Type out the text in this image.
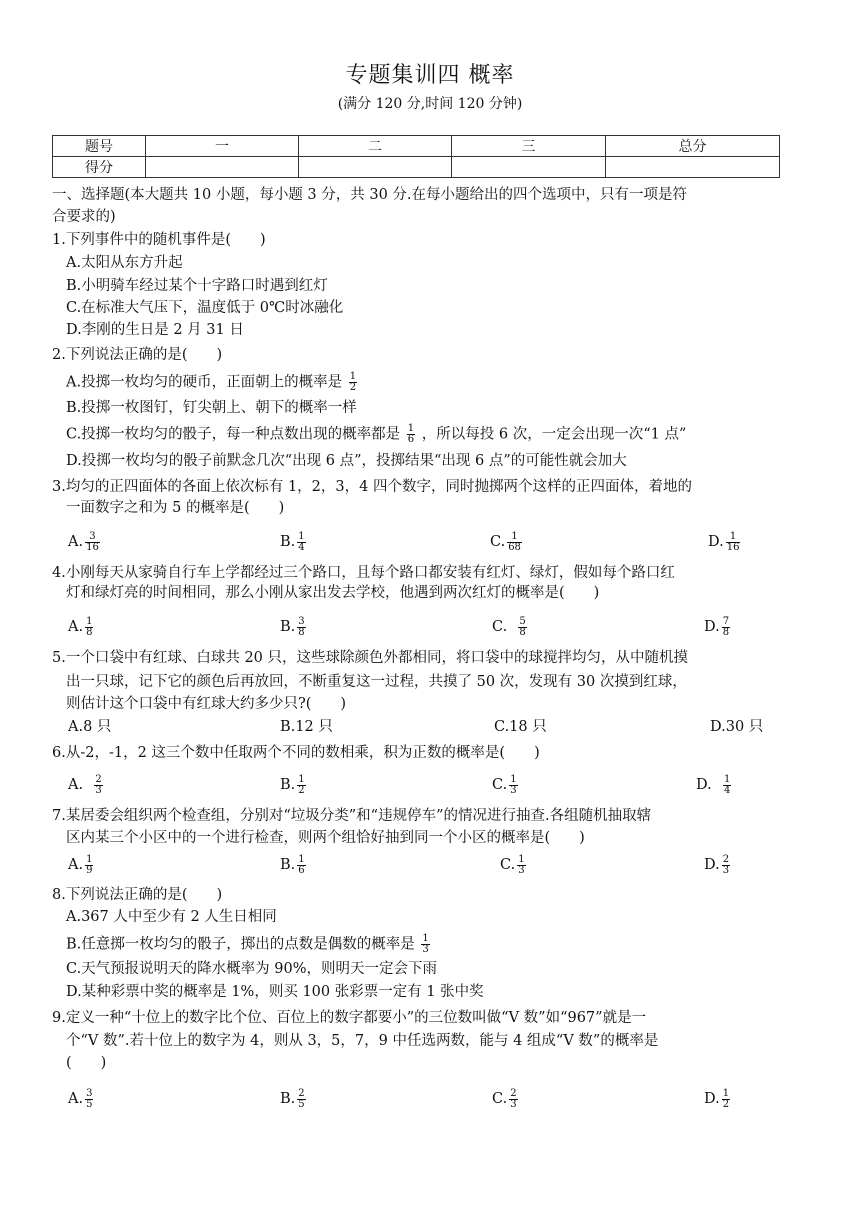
专题集训四 概率
(满分 120 分,时间 120 分钟)
题号	一	二	三	总分
得分				
一、选择题(本大题共 10 小题，每小题 3 分，共 30 分.在每小题给出的四个选项中，只有一项是符
合要求的)
1.下列事件中的随机事件是(　　)
A.太阳从东方升起
B.小明骑车经过某个十字路口时遇到红灯
C.在标准大气压下，温度低于 0℃时冰融化
D.李刚的生日是 2 月 31 日
2.下列说法正确的是(　　)
A.投掷一枚均匀的硬币，正面朝上的概率是 $\frac{1}{2}$
B.投掷一枚图钉，钉尖朝上、朝下的概率一样
C.投掷一枚均匀的骰子，每一种点数出现的概率都是 $\frac{1}{6}$ ，所以每投 6 次，一定会出现一次“1 点”
D.投掷一枚均匀的骰子前默念几次“出现 6 点”，投掷结果“出现 6 点”的可能性就会加大
3.均匀的正四面体的各面上依次标有 1，2，3，4 四个数字，同时抛掷两个这样的正四面体，着地的
一面数字之和为 5 的概率是(　　)
A. $\frac{3}{16}$	B. $\frac{1}{4}$	C. $\frac{1}{68}$	D. $\frac{1}{16}$
4.小刚每天从家骑自行车上学都经过三个路口，且每个路口都安装有红灯、绿灯，假如每个路口红
灯和绿灯亮的时间相同，那么小刚从家出发去学校，他遇到两次红灯的概率是(　　)
A. $\frac{1}{8}$	B. $\frac{3}{8}$	C. $\frac{5}{8}$	D. $\frac{7}{8}$
5.一个口袋中有红球、白球共 20 只，这些球除颜色外都相同，将口袋中的球搅拌均匀，从中随机摸
出一只球，记下它的颜色后再放回，不断重复这一过程，共摸了 50 次，发现有 30 次摸到红球，
则估计这个口袋中有红球大约多少只?(　　)
A.8 只	B.12 只	C.18 只	D.30 只
6.从-2，-1，2 这三个数中任取两个不同的数相乘，积为正数的概率是(　　)
A. $\frac{2}{3}$	B. $\frac{1}{2}$	C. $\frac{1}{3}$	D. $\frac{1}{4}$
7.某居委会组织两个检查组，分别对“垃圾分类”和“违规停车”的情况进行抽查.各组随机抽取辖
区内某三个小区中的一个进行检查，则两个组恰好抽到同一个小区的概率是(　　)
A. $\frac{1}{9}$	B. $\frac{1}{6}$	C. $\frac{1}{3}$	D. $\frac{2}{3}$
8.下列说法正确的是(　　)
A.367 人中至少有 2 人生日相同
B.任意掷一枚均匀的骰子，掷出的点数是偶数的概率是 $\frac{1}{3}$
C.天气预报说明天的降水概率为 90%，则明天一定会下雨
D.某种彩票中奖的概率是 1%，则买 100 张彩票一定有 1 张中奖
9.定义一种“十位上的数字比个位、百位上的数字都要小”的三位数叫做“V 数”如“967”就是一
个“V 数”.若十位上的数字为 4，则从 3，5，7，9 中任选两数，能与 4 组成“V 数”的概率是
(　　)
A. $\frac{3}{5}$	B. $\frac{2}{5}$	C. $\frac{2}{3}$	D. $\frac{1}{2}$
